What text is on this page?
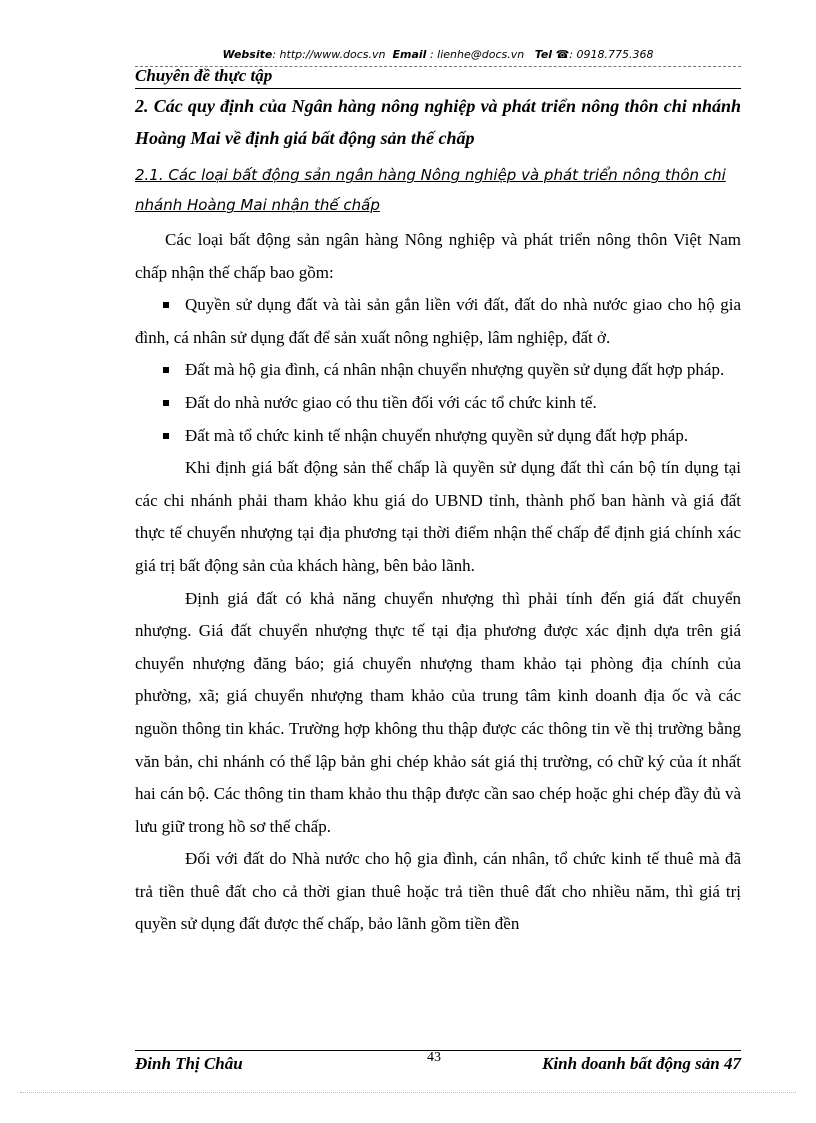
Website: http://www.docs.vn Email : lienhe@docs.vn Tel ☎: 0918.775.368
Chuyên đề thực tập

2. Các quy định của Ngân hàng nông nghiệp và phát triển nông thôn chi nhánh Hoàng Mai về định giá bất động sản thế chấp

2.1. Các loại bất động sản ngân hàng Nông nghiệp và phát triển nông thôn chi nhánh Hoàng Mai nhận thế chấp

Các loại bất động sản ngân hàng Nông nghiệp và phát triển nông thôn Việt Nam chấp nhận thế chấp bao gồm:

Quyền sử dụng đất và tài sản gắn liền với đất, đất do nhà nước giao cho hộ gia đình, cá nhân sử dụng đất để sản xuất nông nghiệp, lâm nghiệp, đất ở.

Đất mà hộ gia đình, cá nhân nhận chuyển nhượng quyền sử dụng đất hợp pháp.

Đất do nhà nước giao có thu tiền đối với các tổ chức kinh tế.

Đất mà tổ chức kinh tế nhận chuyển nhượng quyền sử dụng đất hợp pháp.

Khi định giá bất động sản thế chấp là quyền sử dụng đất thì cán bộ tín dụng tại các chi nhánh phải tham khảo khu giá do UBND tỉnh, thành phố ban hành và giá đất thực tế chuyển nhượng tại địa phương tại thời điểm nhận thế chấp để định giá chính xác giá trị bất động sản của khách hàng, bên bảo lãnh.

Định giá đất có khả năng chuyển nhượng thì phải tính đến giá đất chuyển nhượng. Giá đất chuyển nhượng thực tế tại địa phương được xác định dựa trên giá chuyển nhượng đăng báo; giá chuyển nhượng tham khảo tại phòng địa chính của phường, xã; giá chuyển nhượng tham khảo của trung tâm kinh doanh địa ốc và các nguồn thông tin khác. Trường hợp không thu thập được các thông tin về thị trường bằng văn bản, chi nhánh có thể lập bản ghi chép khảo sát giá thị trường, có chữ ký của ít nhất hai cán bộ. Các thông tin tham khảo thu thập được cần sao chép hoặc ghi chép đầy đủ và lưu giữ trong hồ sơ thế chấp.

Đối với đất do Nhà nước cho hộ gia đình, cán nhân, tổ chức kinh tế thuê mà đã trả tiền thuê đất cho cả thời gian thuê hoặc trả tiền thuê đất cho nhiều năm, thì giá trị quyền sử dụng đất được thế chấp, bảo lãnh gồm tiền đền

Đinh Thị Châu	43	Kinh doanh bất động sản 47
